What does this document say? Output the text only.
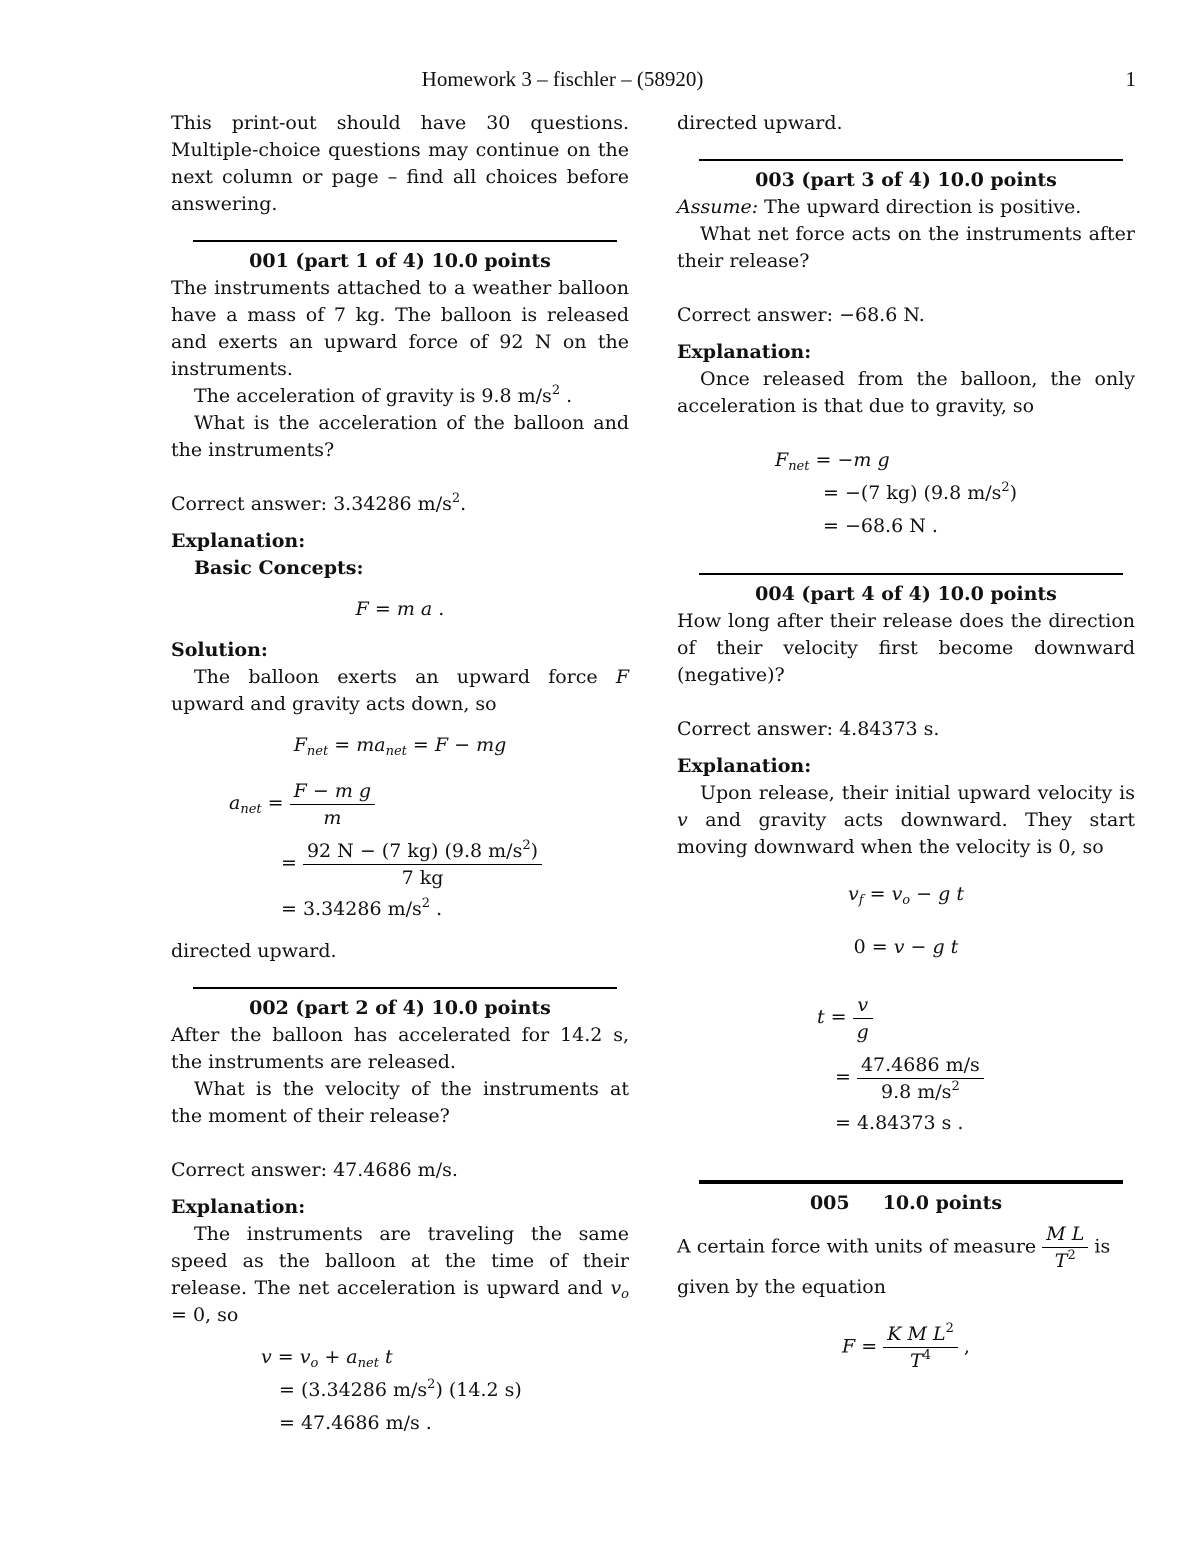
Homework 3 – fischler – (58920)	1

This print-out should have 30 questions. Multiple-choice questions may continue on the next column or page – find all choices before answering.

001 (part 1 of 4) 10.0 points

The instruments attached to a weather balloon have a mass of 7 kg. The balloon is released and exerts an upward force of 92 N on the instruments.

The acceleration of gravity is 9.8 $m/s^2$ .

What is the acceleration of the balloon and the instruments?

Correct answer: 3.34286 $m/s^2$.

Explanation:

Basic Concepts:

F = m a .

Solution:

The balloon exerts an upward force F upward and gravity acts down, so

$F_{net} = ma_{net} = F$ − mg

$a_{net} = \frac{\text{F − m g}}{m}$
= $\frac{92 N - (7 kg) (9.8 m/s^2)}{7 kg}$
= 3.34286 $m/s^2$ .

directed upward.

002 (part 2 of 4) 10.0 points

After the balloon has accelerated for 14.2 s, the instruments are released.

What is the velocity of the instruments at the moment of their release?

Correct answer: 47.4686 m/s.

Explanation:

The instruments are traveling the same speed as the balloon at the time of their release. The net acceleration is upward and $v_o = 0$, so

$v = v_o + a_{net}$ t
= (3.34286 $m/s^2$) (14.2 s)
= 47.4686 m/s .

directed upward.

003 (part 3 of 4) 10.0 points

Assume: The upward direction is positive.

What net force acts on the instruments after their release?

Correct answer: −68.6 N.

Explanation:

Once released from the balloon, the only acceleration is that due to gravity, so

$F_{net} = -m$ g
= −(7 kg) (9.8 $m/s^2$)
= −68.6 N .

004 (part 4 of 4) 10.0 points

How long after their release does the direction of their velocity first become downward (negative)?

Correct answer: 4.84373 s.

Explanation:

Upon release, their initial upward velocity is v and gravity acts downward. They start moving downward when the velocity is 0, so

$v_f = v_o - g$ t

0 = v − g t

$t = \frac{v}{g}$
= $\frac{47.4686 m/s}{9.8 m/s^2}$
= 4.84373 s .

005     10.0 points

A certain force with units of measure $\frac{\text{M L}}{T^2}$ is

given by the equation

$F = \frac{K M L^2}{T^4}$ ,
